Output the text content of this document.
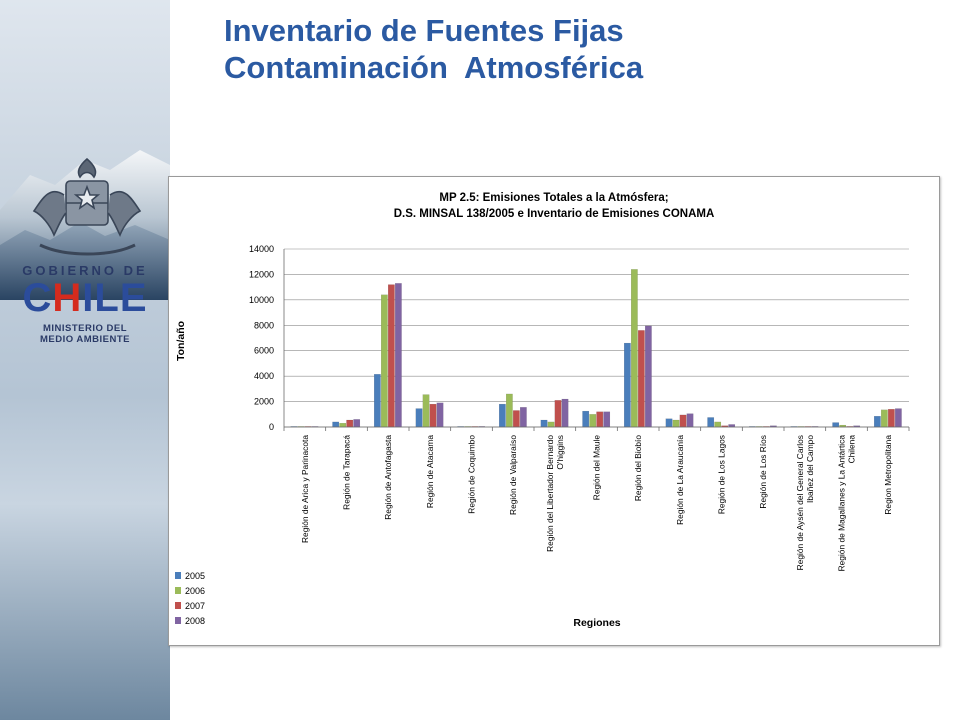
GOBIERNO DE
CHILE
MINISTERIO DEL
MEDIO AMBIENTE
Inventario de Fuentes Fijas
Contaminación  Atmosférica
MP 2.5: Emisiones Totales a la Atmósfera;
D.S. MINSAL 138/2005 e Inventario de Emisiones CONAMA
0
2000
4000
6000
8000
10000
12000
14000
Región de Arica y Parinacota	Región de Tarapacá	Región de Antofagasta	Región de Atacama	Región de Coquimbo	Región de Valparaíso	Región del Libertador Bernardo O'higgins	Región del Maule	Región del Biobío	Región de La Araucanía	Región de Los Lagos	Región de Los Ríos	Región de Aysén del General Carlos Ibañez del Campo	Región de Magallanes y La Antártica Chilena	Region Metropolitana
2005
2006
2007
2008	Regiones
Ton/año
